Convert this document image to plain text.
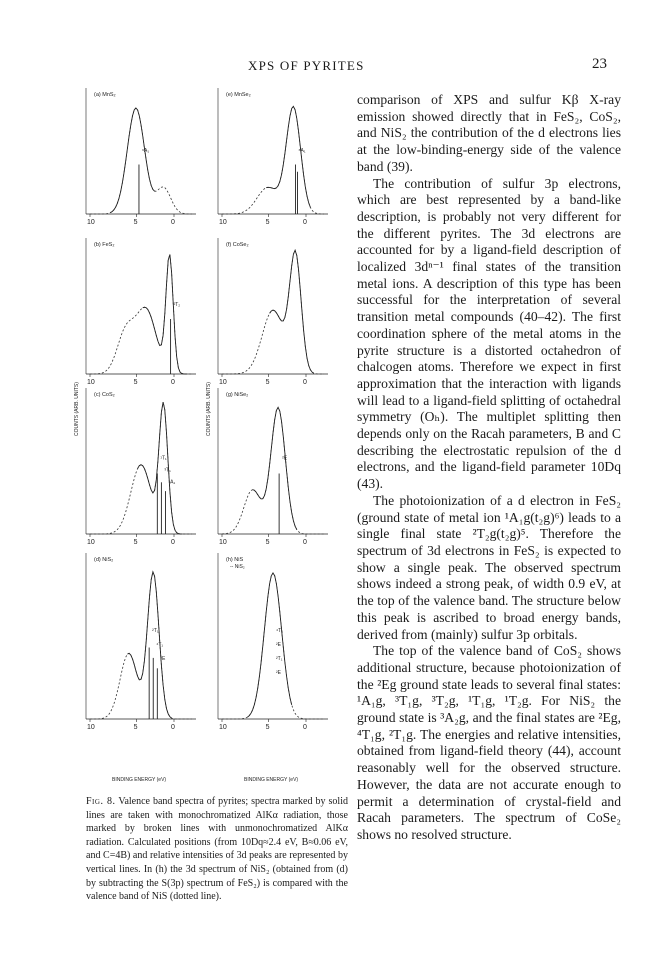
XPS OF PYRITES	23
(a) MnS₂
10	5	0
⁶A₁
(e) MnSe₂
10	5	0
⁶A₁
(b) FeS₂
10	5	0
²T₂
(f) CoSe₂
10	5	0
(c) CoS₂
10	5	0
¹T₁
³T₁
¹A₁
(g) NiSe₂
10	5	0
²E
(d) NiS₂
10	5	0
²T₁
⁴T₁
²E
(h) NiS
-- NiS₂
10	5	0
⁴T₁
²E
²T₁
²E
COUNTS (ARB. UNITS)	COUNTS (ARB. UNITS)
BINDING ENERGY (eV)	BINDING ENERGY (eV)
Fig. 8. Valence band spectra of pyrites; spectra marked by solid lines are taken with monochromatized AlKα radiation, those marked by broken lines with unmonochromatized AlKα radiation. Calculated positions (from 10Dq≈2.4 eV, B≈0.06 eV, and C=4B) and relative intensities of 3d peaks are represented by vertical lines. In (h) the 3d spectrum of NiS₂ (obtained from (d) by subtracting the S(3p) spectrum of FeS₂) is compared with the valence band of NiS (dotted line).

comparison of XPS and sulfur Kβ X-ray emission showed directly that in FeS₂, CoS₂, and NiS₂ the contribution of the d electrons lies at the low-binding-energy side of the valence band (39).

The contribution of sulfur 3p electrons, which are best represented by a band-like description, is probably not very different for the different pyrites. The 3d electrons are accounted for by a ligand-field description of localized 3dⁿ⁻¹ final states of the transition metal ions. A description of this type has been successful for the interpretation of several transition metal compounds (40–42). The first coordination sphere of the metal atoms in the pyrite structure is a distorted octahedron of chalcogen atoms. Therefore we expect in first approximation that the interaction with ligands will lead to a ligand-field splitting of octahedral symmetry (Oₕ). The multiplet splitting then depends only on the Racah parameters, B and C describing the electrostatic repulsion of the d electrons, and the ligand-field parameter 10Dq (43).

The photoionization of a d electron in FeS₂ (ground state of metal ion ¹A₁g(t₂g)⁶) leads to a single final state ²T₂g(t₂g)⁵. Therefore the spectrum of 3d electrons in FeS₂ is expected to show a single peak. The observed spectrum shows indeed a strong peak, of width 0.9 eV, at the top of the valence band. The structure below this peak is ascribed to broad energy bands, derived from (mainly) sulfur 3p orbitals.

The top of the valence band of CoS₂ shows additional structure, because photoionization of the ²Eg ground state leads to several final states: ¹A₁g, ³T₁g, ³T₂g, ¹T₁g, ¹T₂g. For NiS₂ the ground state is ³A₂g, and the final states are ²Eg, ⁴T₁g, ²T₁g. The energies and relative intensities, obtained from ligand-field theory (44), account reasonably well for the observed structure. However, the data are not accurate enough to permit a determination of crystal-field and Racah parameters. The spectrum of CoSe₂ shows no resolved structure.
